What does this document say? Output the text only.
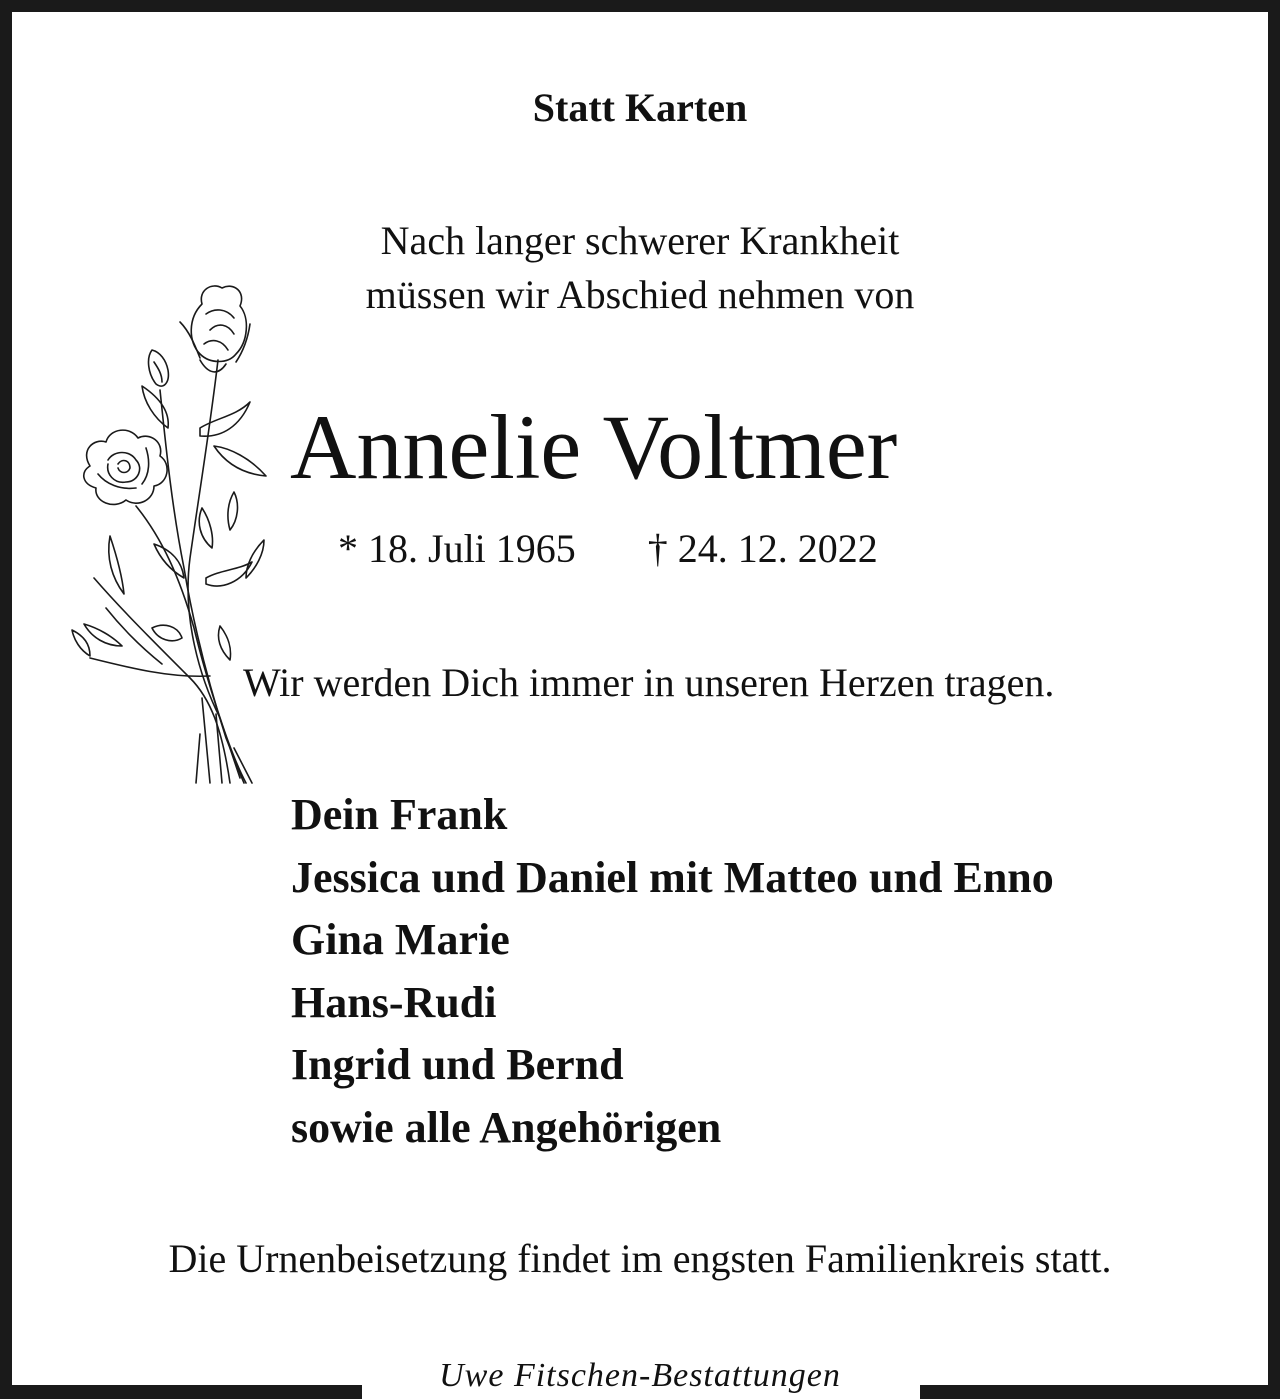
Statt Karten

Nach langer schwerer Krankheit
müssen wir Abschied nehmen von

Annelie Voltmer
* 18. Juli 1965 † 24. 12. 2022

Wir werden Dich immer in unseren Herzen tragen.

Dein Frank
Jessica und Daniel mit Matteo und Enno
Gina Marie
Hans-Rudi
Ingrid und Bernd
sowie alle Angehörigen

Die Urnenbeisetzung findet im engsten Familienkreis statt.

Uwe Fitschen-Bestattungen
